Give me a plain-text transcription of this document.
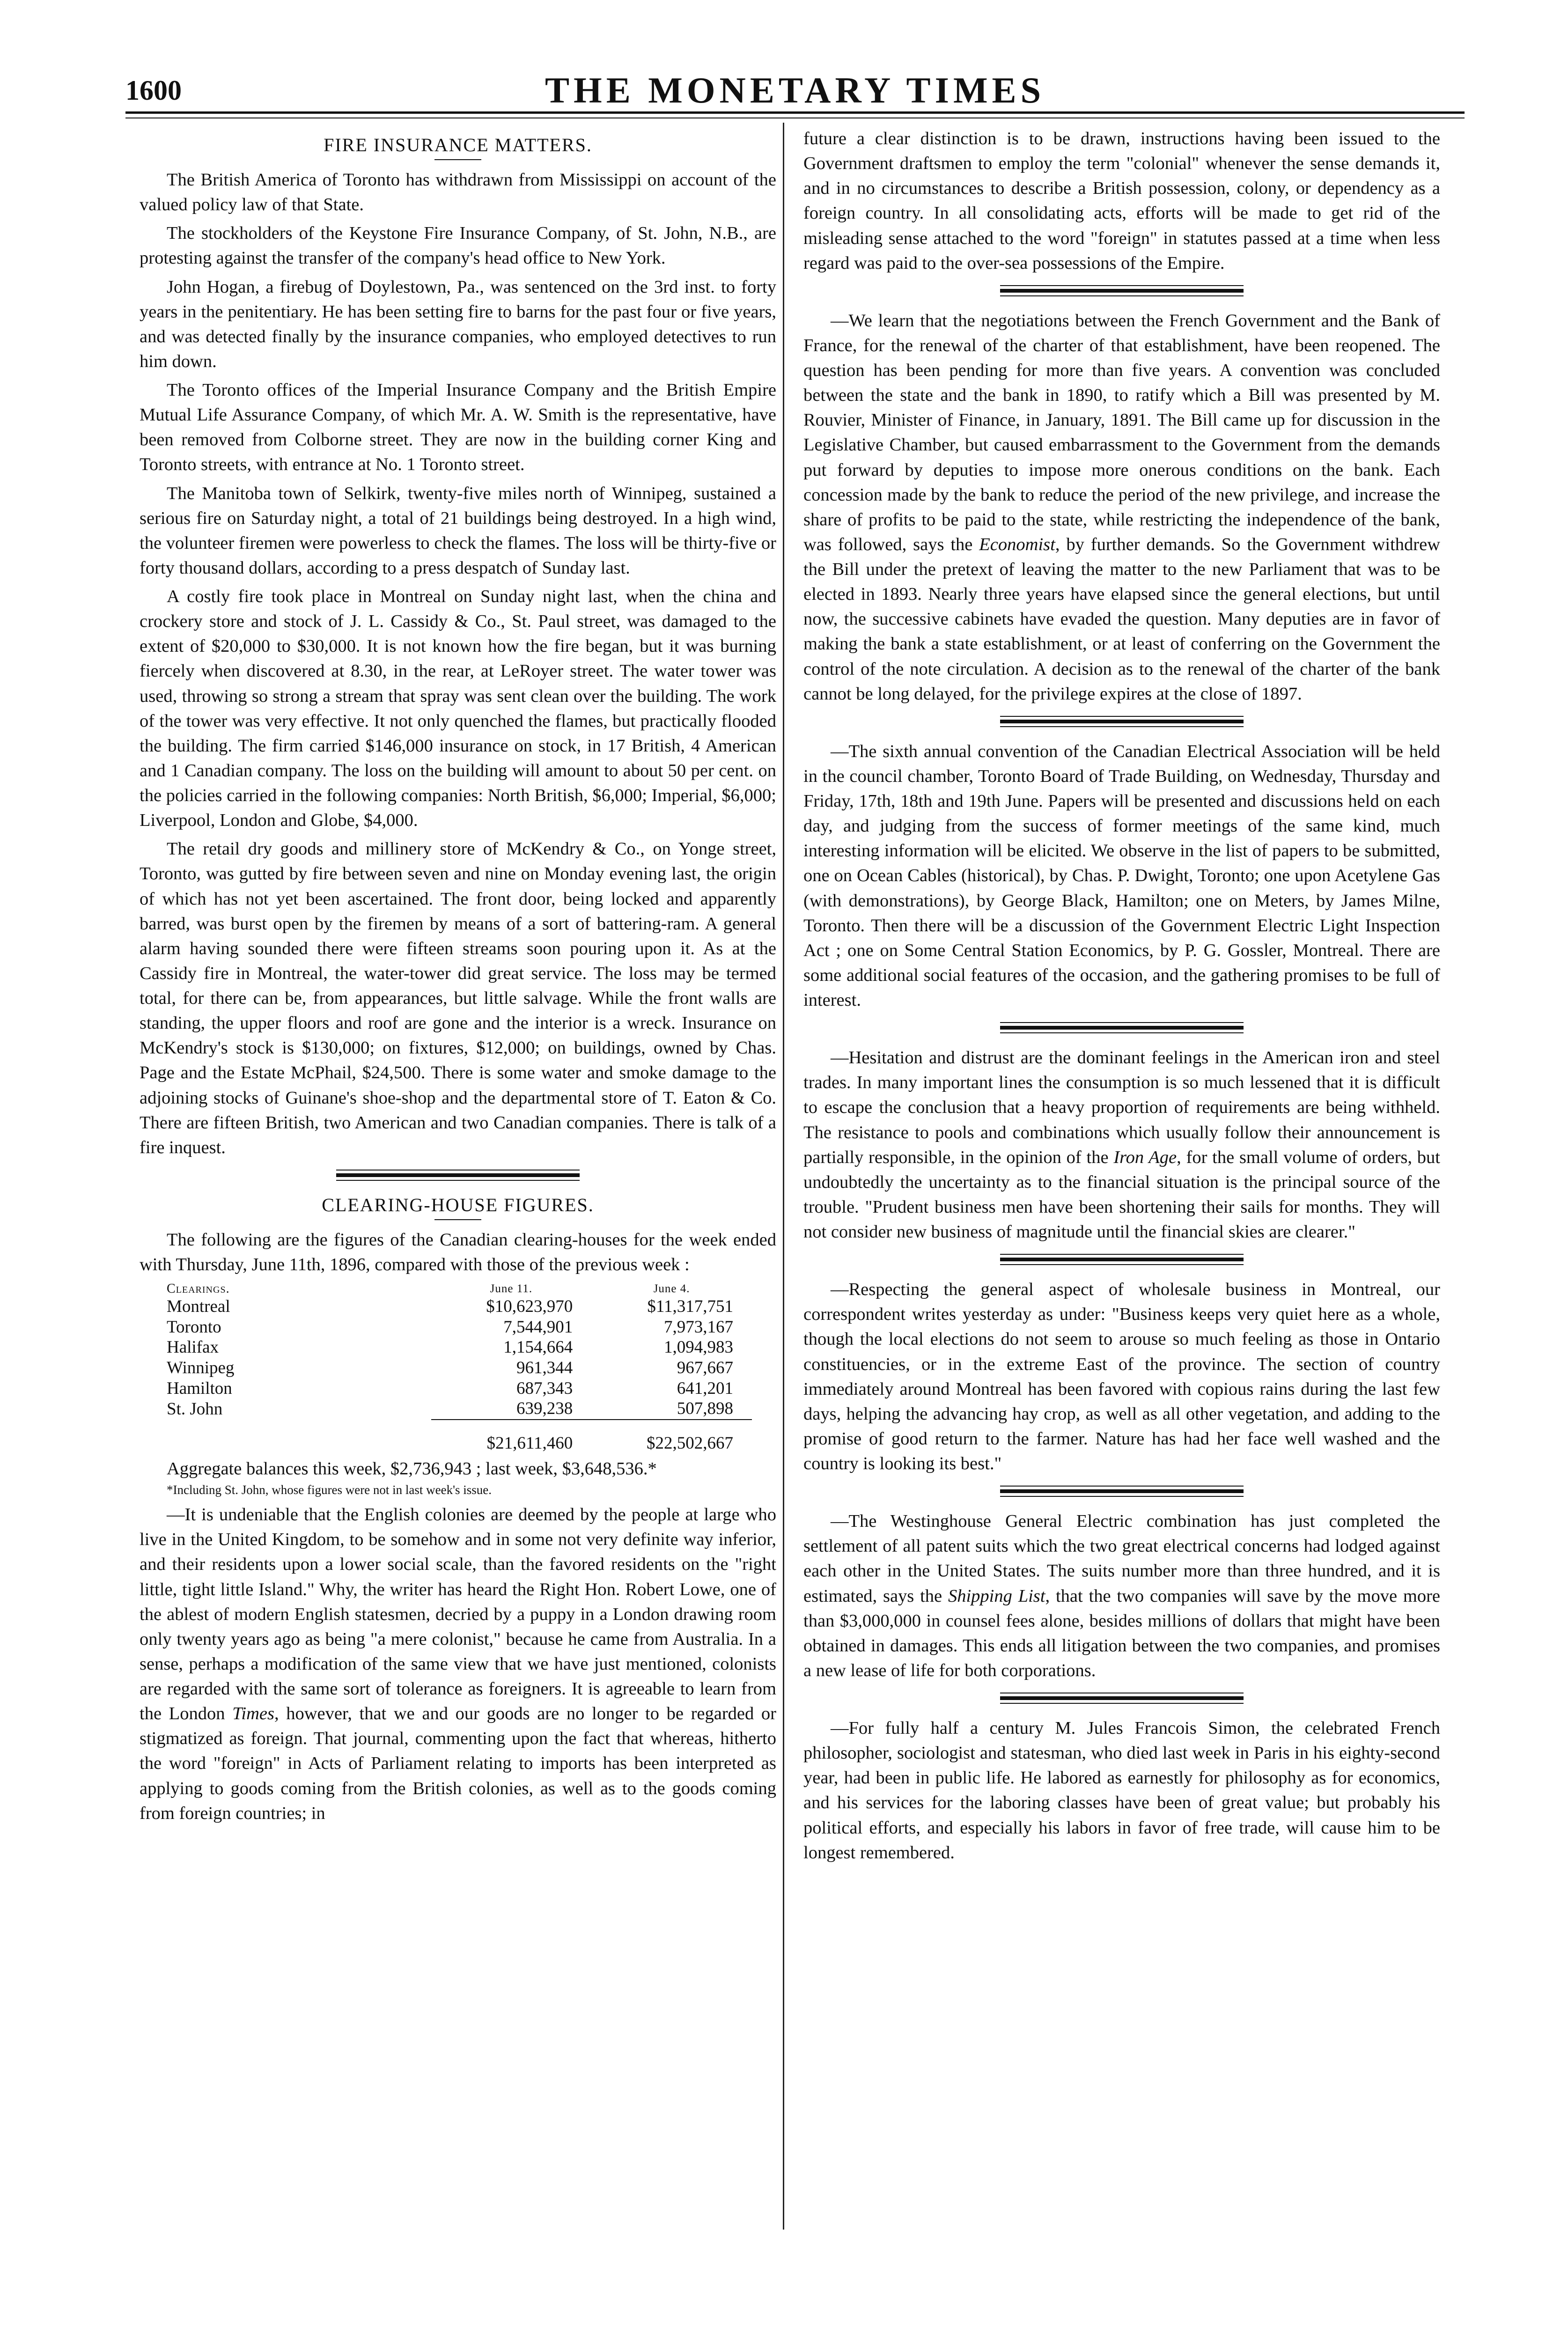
1600	THE MONETARY TIMES
FIRE INSURANCE MATTERS.

The British America of Toronto has withdrawn from Mississippi on account of the valued policy law of that State.

The stockholders of the Keystone Fire Insurance Company, of St. John, N.B., are protesting against the transfer of the company's head office to New York.

John Hogan, a firebug of Doylestown, Pa., was sentenced on the 3rd inst. to forty years in the penitentiary. He has been setting fire to barns for the past four or five years, and was detected finally by the insurance companies, who employed detectives to run him down.

The Toronto offices of the Imperial Insurance Company and the British Empire Mutual Life Assurance Company, of which Mr. A. W. Smith is the representative, have been removed from Colborne street. They are now in the building corner King and Toronto streets, with entrance at No. 1 Toronto street.

The Manitoba town of Selkirk, twenty-five miles north of Winnipeg, sustained a serious fire on Saturday night, a total of 21 buildings being destroyed. In a high wind, the volunteer firemen were powerless to check the flames. The loss will be thirty-five or forty thousand dollars, according to a press despatch of Sunday last.

A costly fire took place in Montreal on Sunday night last, when the china and crockery store and stock of J. L. Cassidy & Co., St. Paul street, was damaged to the extent of $20,000 to $30,000. It is not known how the fire began, but it was burning fiercely when discovered at 8.30, in the rear, at LeRoyer street. The water tower was used, throwing so strong a stream that spray was sent clean over the building. The work of the tower was very effective. It not only quenched the flames, but practically flooded the building. The firm carried $146,000 insurance on stock, in 17 British, 4 American and 1 Canadian company. The loss on the building will amount to about 50 per cent. on the policies carried in the following companies: North British, $6,000; Imperial, $6,000; Liverpool, London and Globe, $4,000.

The retail dry goods and millinery store of McKendry & Co., on Yonge street, Toronto, was gutted by fire between seven and nine on Monday evening last, the origin of which has not yet been ascertained. The front door, being locked and apparently barred, was burst open by the firemen by means of a sort of battering-ram. A general alarm having sounded there were fifteen streams soon pouring upon it. As at the Cassidy fire in Montreal, the water-tower did great service. The loss may be termed total, for there can be, from appearances, but little salvage. While the front walls are standing, the upper floors and roof are gone and the interior is a wreck. Insurance on McKendry's stock is $130,000; on fixtures, $12,000; on buildings, owned by Chas. Page and the Estate McPhail, $24,500. There is some water and smoke damage to the adjoining stocks of Guinane's shoe-shop and the departmental store of T. Eaton & Co. There are fifteen British, two American and two Canadian companies. There is talk of a fire inquest.

CLEARING-HOUSE FIGURES.

The following are the figures of the Canadian clearing-houses for the week ended with Thursday, June 11th, 1896, compared with those of the previous week :

Clearings.	June 11.	June 4.
Montreal	$10,623,970	$11,317,751
Toronto	7,544,901	7,973,167
Halifax	1,154,664	1,094,983
Winnipeg	961,344	967,667
Hamilton	687,343	641,201
St. John	639,238	507,898
	$21,611,460	$22,502,667

Aggregate balances this week, $2,736,943 ; last week, $3,648,536.*

*Including St. John, whose figures were not in last week's issue.

—It is undeniable that the English colonies are deemed by the people at large who live in the United Kingdom, to be somehow and in some not very definite way inferior, and their residents upon a lower social scale, than the favored residents on the "right little, tight little Island." Why, the writer has heard the Right Hon. Robert Lowe, one of the ablest of modern English statesmen, decried by a puppy in a London drawing room only twenty years ago as being "a mere colonist," because he came from Australia. In a sense, perhaps a modification of the same view that we have just mentioned, colonists are regarded with the same sort of tolerance as foreigners. It is agreeable to learn from the London Times, however, that we and our goods are no longer to be regarded or stigmatized as foreign. That journal, commenting upon the fact that whereas, hitherto the word "foreign" in Acts of Parliament relating to imports has been interpreted as applying to goods coming from the British colonies, as well as to the goods coming from foreign countries; in

future a clear distinction is to be drawn, instructions having been issued to the Government draftsmen to employ the term "colonial" whenever the sense demands it, and in no circumstances to describe a British possession, colony, or dependency as a foreign country. In all consolidating acts, efforts will be made to get rid of the misleading sense attached to the word "foreign" in statutes passed at a time when less regard was paid to the over-sea possessions of the Empire.

—We learn that the negotiations between the French Government and the Bank of France, for the renewal of the charter of that establishment, have been reopened. The question has been pending for more than five years. A convention was concluded between the state and the bank in 1890, to ratify which a Bill was presented by M. Rouvier, Minister of Finance, in January, 1891. The Bill came up for discussion in the Legislative Chamber, but caused embarrassment to the Government from the demands put forward by deputies to impose more onerous conditions on the bank. Each concession made by the bank to reduce the period of the new privilege, and increase the share of profits to be paid to the state, while restricting the independence of the bank, was followed, says the Economist, by further demands. So the Government withdrew the Bill under the pretext of leaving the matter to the new Parliament that was to be elected in 1893. Nearly three years have elapsed since the general elections, but until now, the successive cabinets have evaded the question. Many deputies are in favor of making the bank a state establishment, or at least of conferring on the Government the control of the note circulation. A decision as to the renewal of the charter of the bank cannot be long delayed, for the privilege expires at the close of 1897.

—The sixth annual convention of the Canadian Electrical Association will be held in the council chamber, Toronto Board of Trade Building, on Wednesday, Thursday and Friday, 17th, 18th and 19th June. Papers will be presented and discussions held on each day, and judging from the success of former meetings of the same kind, much interesting information will be elicited. We observe in the list of papers to be submitted, one on Ocean Cables (historical), by Chas. P. Dwight, Toronto; one upon Acetylene Gas (with demonstrations), by George Black, Hamilton; one on Meters, by James Milne, Toronto. Then there will be a discussion of the Government Electric Light Inspection Act ; one on Some Central Station Economics, by P. G. Gossler, Montreal. There are some additional social features of the occasion, and the gathering promises to be full of interest.

—Hesitation and distrust are the dominant feelings in the American iron and steel trades. In many important lines the consumption is so much lessened that it is difficult to escape the conclusion that a heavy proportion of requirements are being withheld. The resistance to pools and combinations which usually follow their announcement is partially responsible, in the opinion of the Iron Age, for the small volume of orders, but undoubtedly the uncertainty as to the financial situation is the principal source of the trouble. "Prudent business men have been shortening their sails for months. They will not consider new business of magnitude until the financial skies are clearer."

—Respecting the general aspect of wholesale business in Montreal, our correspondent writes yesterday as under: "Business keeps very quiet here as a whole, though the local elections do not seem to arouse so much feeling as those in Ontario constituencies, or in the extreme East of the province. The section of country immediately around Montreal has been favored with copious rains during the last few days, helping the advancing hay crop, as well as all other vegetation, and adding to the promise of good return to the farmer. Nature has had her face well washed and the country is looking its best."

—The Westinghouse General Electric combination has just completed the settlement of all patent suits which the two great electrical concerns had lodged against each other in the United States. The suits number more than three hundred, and it is estimated, says the Shipping List, that the two companies will save by the move more than $3,000,000 in counsel fees alone, besides millions of dollars that might have been obtained in damages. This ends all litigation between the two companies, and promises a new lease of life for both corporations.

—For fully half a century M. Jules Francois Simon, the celebrated French philosopher, sociologist and statesman, who died last week in Paris in his eighty-second year, had been in public life. He labored as earnestly for philosophy as for economics, and his services for the laboring classes have been of great value; but probably his political efforts, and especially his labors in favor of free trade, will cause him to be longest remembered.
